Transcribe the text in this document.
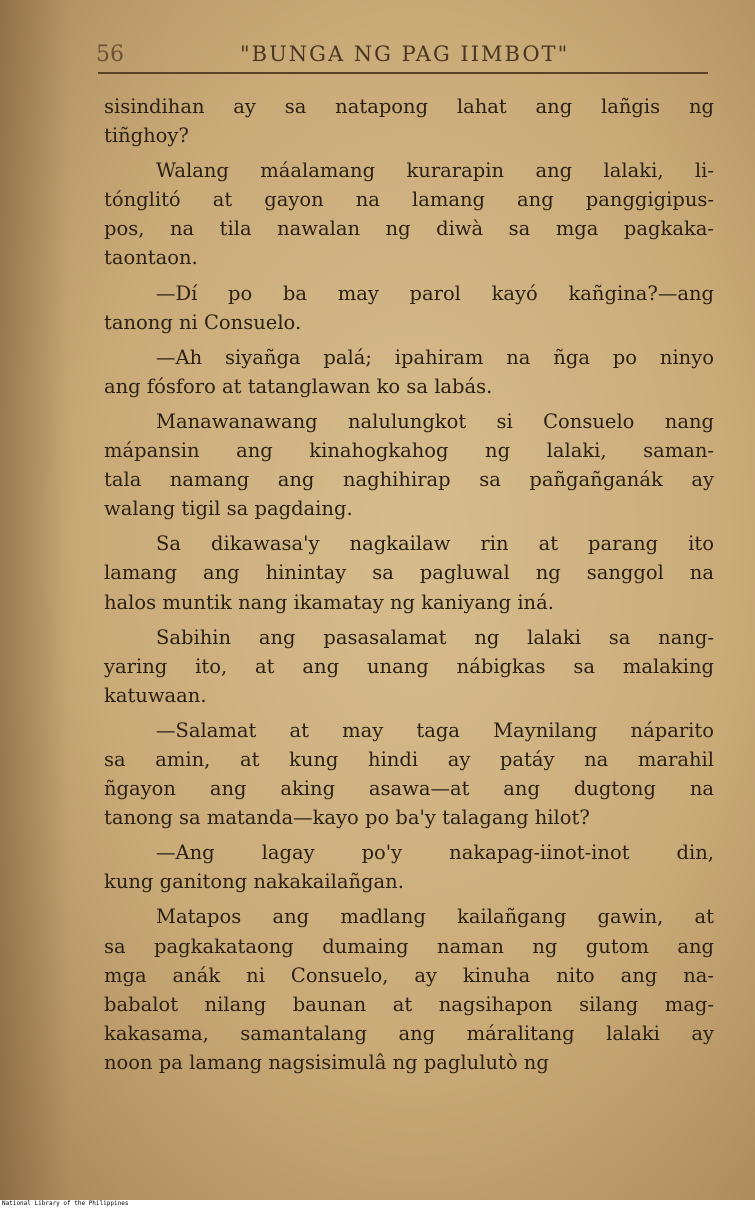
56	"BUNGA NG PAG IIMBOT"

sisindihan ay sa natapong lahat ang lañgis ng
tiñghoy?

Walang máalamang kurarapin ang lalaki, li-
tónglitó at gayon na lamang ang panggigipus-
pos, na tila nawalan ng diwà sa mga pagkaka-
taontaon.

—Dí po ba may parol kayó kañgina?—ang
tanong ni Consuelo.

—Ah siyañga palá; ipahiram na ñga po ninyo
ang fósforo at tatanglawan ko sa labás.

Manawanawang nalulungkot si Consuelo nang
mápansin ang kinahogkahog ng lalaki, saman-
tala namang ang naghihirap sa pañgañganák ay
walang tigil sa pagdaing.

Sa dikawasa'y nagkailaw rin at parang ito
lamang ang hinintay sa pagluwal ng sanggol na
halos muntik nang ikamatay ng kaniyang iná.

Sabihin ang pasasalamat ng lalaki sa nang-
yaring ito, at ang unang nábigkas sa malaking
katuwaan.

—Salamat at may taga Maynilang náparito
sa amin, at kung hindi ay patáy na marahil
ñgayon ang aking asawa—at ang dugtong na
tanong sa matanda—kayo po ba'y talagang hilot?

—Ang lagay po'y nakapag-iinot-inot din,
kung ganitong nakakailañgan.

Matapos ang madlang kailañgang gawin, at
sa pagkakataong dumaing naman ng gutom ang
mga anák ni Consuelo, ay kinuha nito ang na-
babalot nilang baunan at nagsihapon silang mag-
kakasama, samantalang ang máralitang lalaki ay
noon pa lamang nagsisimulâ ng paglulutò ng

National Library of the Philippines
